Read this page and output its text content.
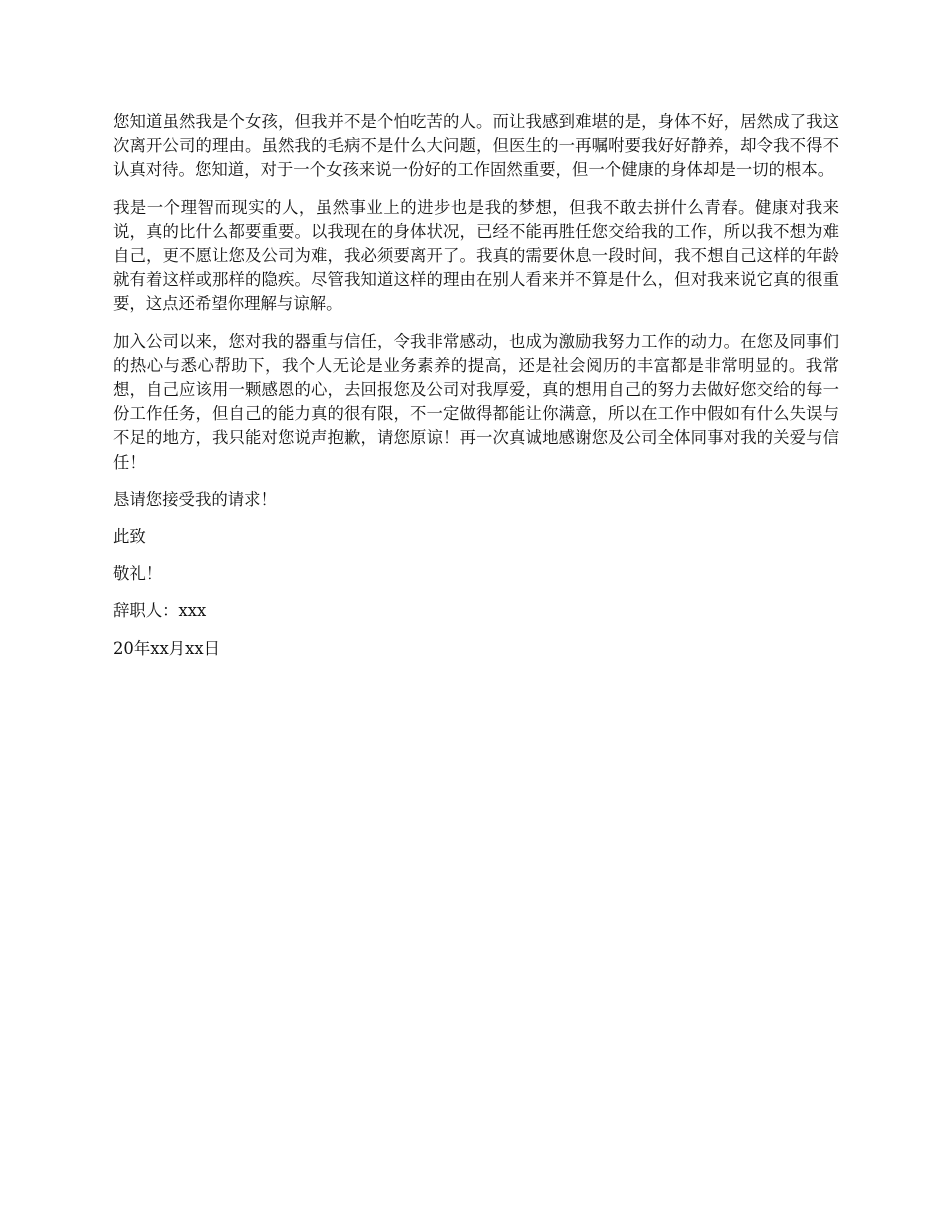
您知道虽然我是个女孩，但我并不是个怕吃苦的人。而让我感到难堪的是，身体不好，居然成了我这次离开公司的理由。虽然我的毛病不是什么大问题，但医生的一再嘱咐要我好好静养，却令我不得不认真对待。您知道，对于一个女孩来说一份好的工作固然重要，但一个健康的身体却是一切的根本。

我是一个理智而现实的人，虽然事业上的进步也是我的梦想，但我不敢去拼什么青春。健康对我来说，真的比什么都要重要。以我现在的身体状况，已经不能再胜任您交给我的工作，所以我不想为难自己，更不愿让您及公司为难，我必须要离开了。我真的需要休息一段时间，我不想自己这样的年龄就有着这样或那样的隐疾。尽管我知道这样的理由在别人看来并不算是什么，但对我来说它真的很重要，这点还希望你理解与谅解。

加入公司以来，您对我的器重与信任，令我非常感动，也成为激励我努力工作的动力。在您及同事们的热心与悉心帮助下，我个人无论是业务素养的提高，还是社会阅历的丰富都是非常明显的。我常想，自己应该用一颗感恩的心，去回报您及公司对我厚爱，真的想用自己的努力去做好您交给的每一份工作任务，但自己的能力真的很有限，不一定做得都能让你满意，所以在工作中假如有什么失误与不足的地方，我只能对您说声抱歉，请您原谅！再一次真诚地感谢您及公司全体同事对我的关爱与信任！

恳请您接受我的请求！

此致

敬礼！

辞职人：xxx

20年xx月xx日
